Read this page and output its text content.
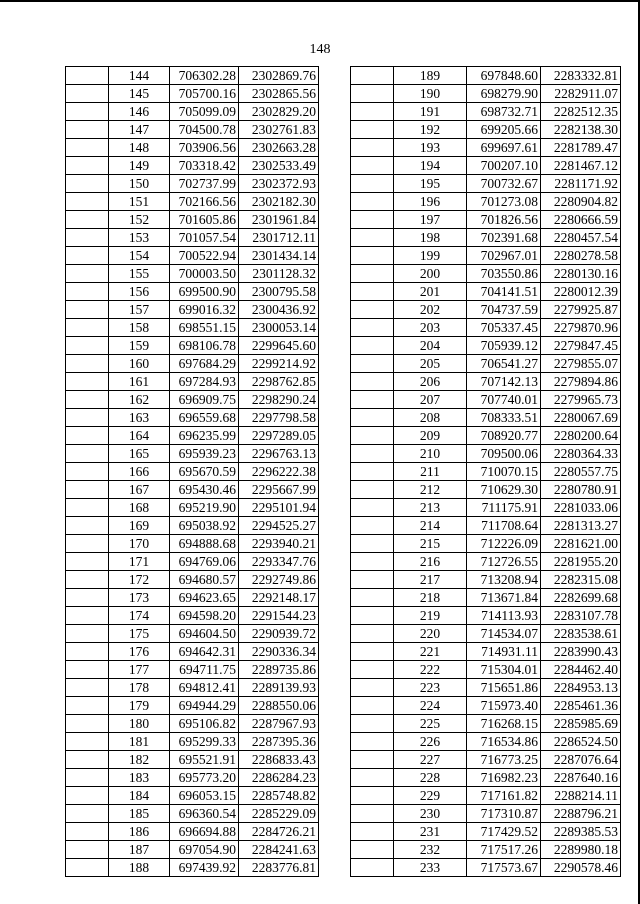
148
	144	706302.28	2302869.76
	145	705700.16	2302865.56
	146	705099.09	2302829.20
	147	704500.78	2302761.83
	148	703906.56	2302663.28
	149	703318.42	2302533.49
	150	702737.99	2302372.93
	151	702166.56	2302182.30
	152	701605.86	2301961.84
	153	701057.54	2301712.11
	154	700522.94	2301434.14
	155	700003.50	2301128.32
	156	699500.90	2300795.58
	157	699016.32	2300436.92
	158	698551.15	2300053.14
	159	698106.78	2299645.60
	160	697684.29	2299214.92
	161	697284.93	2298762.85
	162	696909.75	2298290.24
	163	696559.68	2297798.58
	164	696235.99	2297289.05
	165	695939.23	2296763.13
	166	695670.59	2296222.38
	167	695430.46	2295667.99
	168	695219.90	2295101.94
	169	695038.92	2294525.27
	170	694888.68	2293940.21
	171	694769.06	2293347.76
	172	694680.57	2292749.86
	173	694623.65	2292148.17
	174	694598.20	2291544.23
	175	694604.50	2290939.72
	176	694642.31	2290336.34
	177	694711.75	2289735.86
	178	694812.41	2289139.93
	179	694944.29	2288550.06
	180	695106.82	2287967.93
	181	695299.33	2287395.36
	182	695521.91	2286833.43
	183	695773.20	2286284.23
	184	696053.15	2285748.82
	185	696360.54	2285229.09
	186	696694.88	2284726.21
	187	697054.90	2284241.63
	188	697439.92	2283776.81
	189	697848.60	2283332.81
	190	698279.90	2282911.07
	191	698732.71	2282512.35
	192	699205.66	2282138.30
	193	699697.61	2281789.47
	194	700207.10	2281467.12
	195	700732.67	2281171.92
	196	701273.08	2280904.82
	197	701826.56	2280666.59
	198	702391.68	2280457.54
	199	702967.01	2280278.58
	200	703550.86	2280130.16
	201	704141.51	2280012.39
	202	704737.59	2279925.87
	203	705337.45	2279870.96
	204	705939.12	2279847.45
	205	706541.27	2279855.07
	206	707142.13	2279894.86
	207	707740.01	2279965.73
	208	708333.51	2280067.69
	209	708920.77	2280200.64
	210	709500.06	2280364.33
	211	710070.15	2280557.75
	212	710629.30	2280780.91
	213	711175.91	2281033.06
	214	711708.64	2281313.27
	215	712226.09	2281621.00
	216	712726.55	2281955.20
	217	713208.94	2282315.08
	218	713671.84	2282699.68
	219	714113.93	2283107.78
	220	714534.07	2283538.61
	221	714931.11	2283990.43
	222	715304.01	2284462.40
	223	715651.86	2284953.13
	224	715973.40	2285461.36
	225	716268.15	2285985.69
	226	716534.86	2286524.50
	227	716773.25	2287076.64
	228	716982.23	2287640.16
	229	717161.82	2288214.11
	230	717310.87	2288796.21
	231	717429.52	2289385.53
	232	717517.26	2289980.18
	233	717573.67	2290578.46
